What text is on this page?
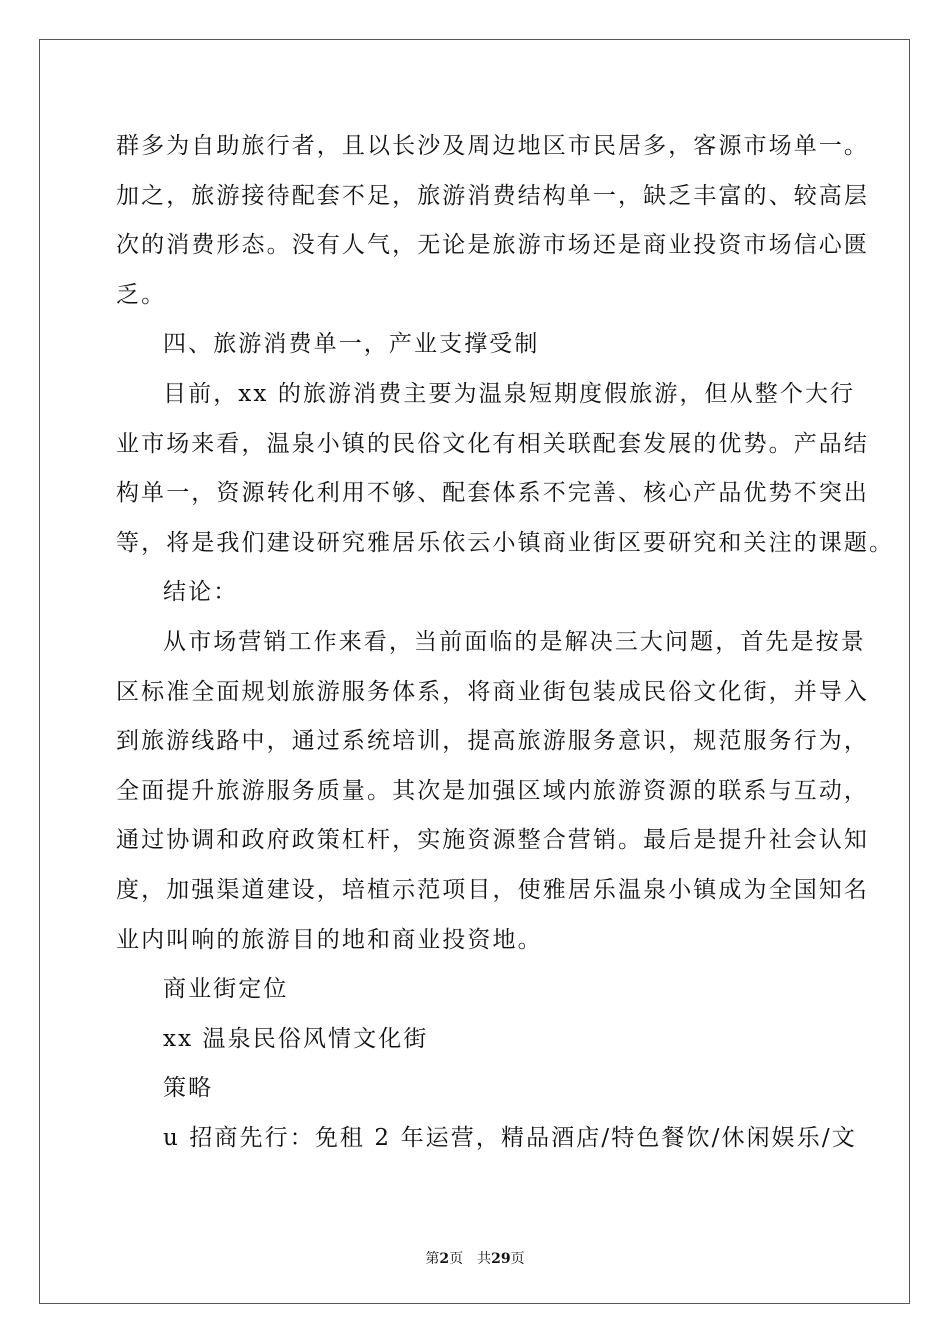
群多为自助旅行者，且以长沙及周边地区市民居多，客源市场单一。
加之，旅游接待配套不足，旅游消费结构单一，缺乏丰富的、较高层
次的消费形态。没有人气，无论是旅游市场还是商业投资市场信心匮
乏。
四、旅游消费单一，产业支撑受制
目前，xx 的旅游消费主要为温泉短期度假旅游，但从整个大行
业市场来看，温泉小镇的民俗文化有相关联配套发展的优势。产品结
构单一，资源转化利用不够、配套体系不完善、核心产品优势不突出
等，将是我们建设研究雅居乐依云小镇商业街区要研究和关注的课题。
结论：
从市场营销工作来看，当前面临的是解决三大问题，首先是按景
区标准全面规划旅游服务体系，将商业街包装成民俗文化街，并导入
到旅游线路中，通过系统培训，提高旅游服务意识，规范服务行为，
全面提升旅游服务质量。其次是加强区域内旅游资源的联系与互动，
通过协调和政府政策杠杆，实施资源整合营销。最后是提升社会认知
度，加强渠道建设，培植示范项目，使雅居乐温泉小镇成为全国知名
业内叫响的旅游目的地和商业投资地。
商业街定位
xx 温泉民俗风情文化街
策略
u 招商先行：免租 2 年运营，精品酒店/特色餐饮/休闲娱乐/文
第2页 共29页
